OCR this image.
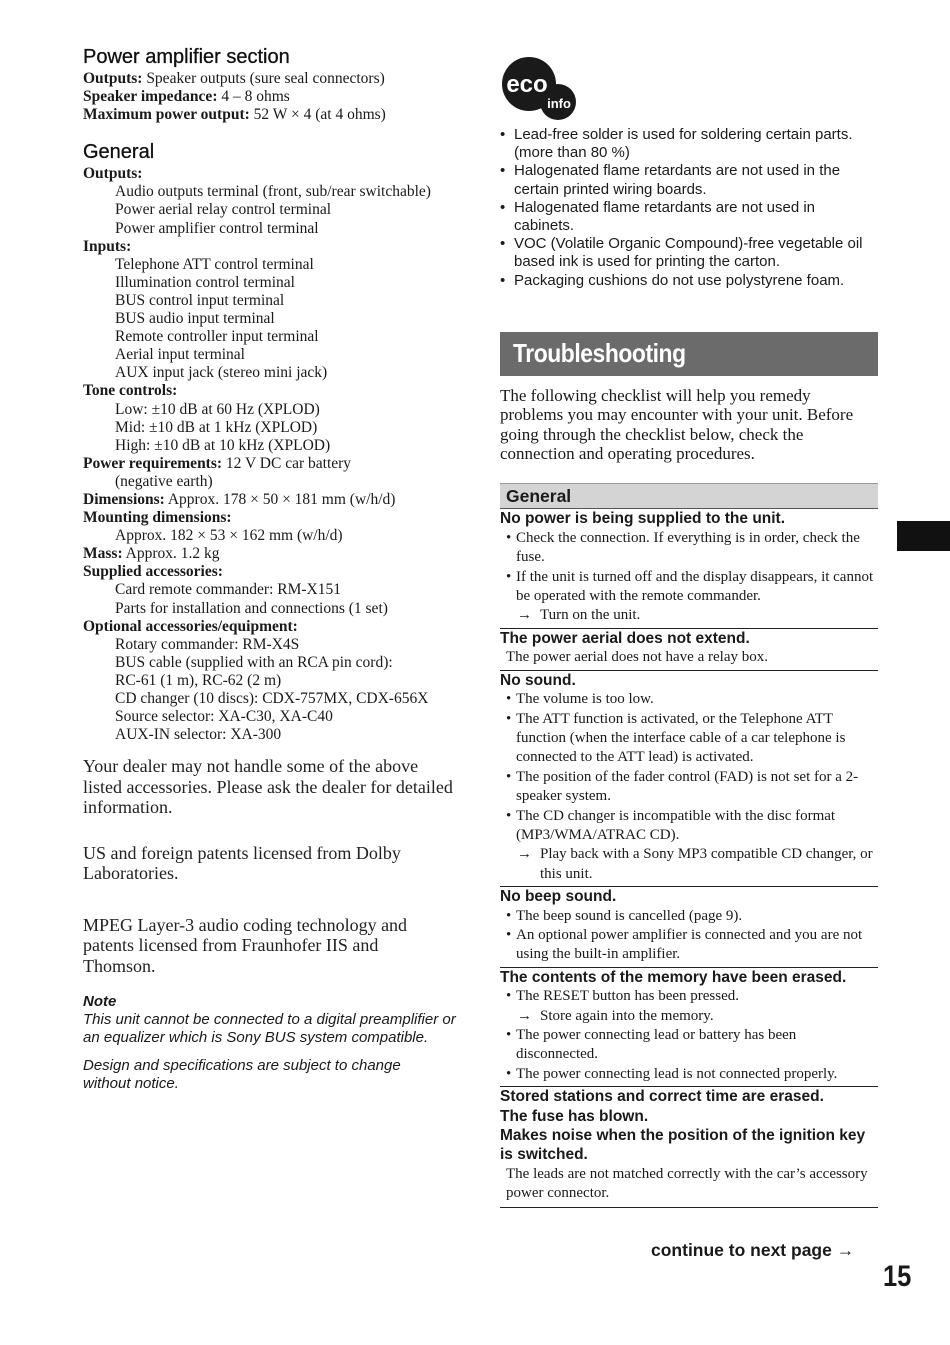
Power amplifier section
Outputs: Speaker outputs (sure seal connectors)
Speaker impedance: 4 – 8 ohms
Maximum power output: 52 W × 4 (at 4 ohms)
General
Outputs:
Audio outputs terminal (front, sub/rear switchable)
Power aerial relay control terminal
Power amplifier control terminal
Inputs:
Telephone ATT control terminal
Illumination control terminal
BUS control input terminal
BUS audio input terminal
Remote controller input terminal
Aerial input terminal
AUX input jack (stereo mini jack)
Tone controls:
Low: ±10 dB at 60 Hz (XPLOD)
Mid: ±10 dB at 1 kHz (XPLOD)
High: ±10 dB at 10 kHz (XPLOD)
Power requirements: 12 V DC car battery
(negative earth)
Dimensions: Approx. 178 × 50 × 181 mm (w/h/d)
Mounting dimensions:
Approx. 182 × 53 × 162 mm (w/h/d)
Mass: Approx. 1.2 kg
Supplied accessories:
Card remote commander: RM-X151
Parts for installation and connections (1 set)
Optional accessories/equipment:
Rotary commander: RM-X4S
BUS cable (supplied with an RCA pin cord):
RC-61 (1 m), RC-62 (2 m)
CD changer (10 discs): CDX-757MX, CDX-656X
Source selector: XA-C30, XA-C40
AUX-IN selector: XA-300

Your dealer may not handle some of the above listed accessories. Please ask the dealer for detailed information.

US and foreign patents licensed from Dolby Laboratories.

MPEG Layer-3 audio coding technology and patents licensed from Fraunhofer IIS and Thomson.

Note
This unit cannot be connected to a digital preamplifier or an equalizer which is Sony BUS system compatible.
Design and specifications are subject to change without notice.
eco
info
• Lead-free solder is used for soldering certain parts. (more than 80 %)
• Halogenated flame retardants are not used in the certain printed wiring boards.
• Halogenated flame retardants are not used in cabinets.
• VOC (Volatile Organic Compound)-free vegetable oil based ink is used for printing the carton.
• Packaging cushions do not use polystyrene foam.
Troubleshooting

The following checklist will help you remedy problems you may encounter with your unit. Before going through the checklist below, check the connection and operating procedures.

General
No power is being supplied to the unit.
• Check the connection. If everything is in order, check the fuse.
• If the unit is turned off and the display disappears, it cannot be operated with the remote commander.
→ Turn on the unit.
The power aerial does not extend.
The power aerial does not have a relay box.
No sound.
• The volume is too low.
• The ATT function is activated, or the Telephone ATT function (when the interface cable of a car telephone is connected to the ATT lead) is activated.
• The position of the fader control (FAD) is not set for a 2-speaker system.
• The CD changer is incompatible with the disc format (MP3/WMA/ATRAC CD).
→ Play back with a Sony MP3 compatible CD changer, or this unit.
No beep sound.
• The beep sound is cancelled (page 9).
• An optional power amplifier is connected and you are not using the built-in amplifier.
The contents of the memory have been erased.
• The RESET button has been pressed.
→ Store again into the memory.
• The power connecting lead or battery has been disconnected.
• The power connecting lead is not connected properly.
Stored stations and correct time are erased.
The fuse has blown.
Makes noise when the position of the ignition key is switched.
The leads are not matched correctly with the car’s accessory power connector.
continue to next page →
15
